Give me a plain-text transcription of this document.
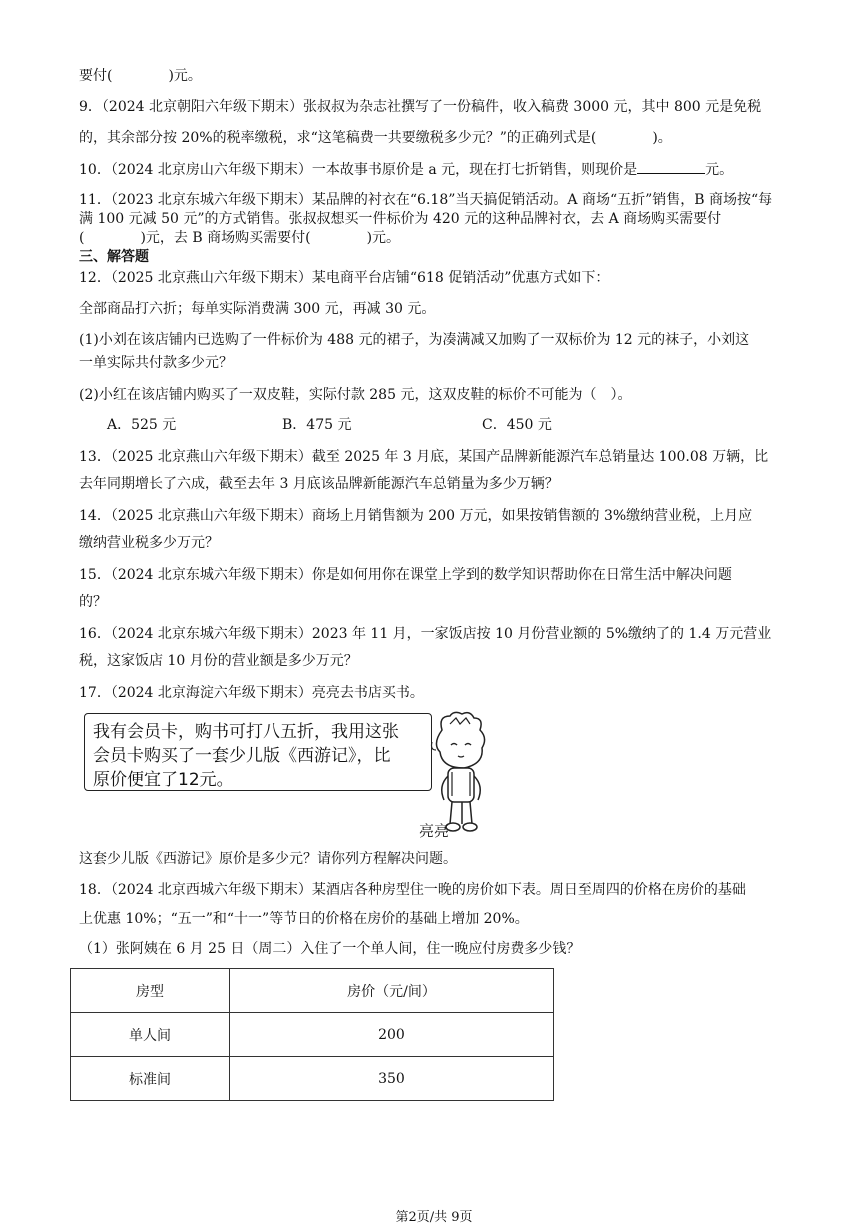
要付(　　　　)元。
9．（2024 北京朝阳六年级下期末）张叔叔为杂志社撰写了一份稿件，收入稿费 3000 元，其中 800 元是免税
的，其余部分按 20%的税率缴税，求“这笔稿费一共要缴税多少元？”的正确列式是(　　　　)。
10．（2024 北京房山六年级下期末）一本故事书原价是 a 元，现在打七折销售，则现价是	元。
11．（2023 北京东城六年级下期末）某品牌的衬衣在“6.18”当天搞促销活动。A 商场“五折”销售，B 商场按“每
满 100 元减 50 元”的方式销售。张叔叔想买一件标价为 420 元的这种品牌衬衣，去 A 商场购买需要付
(　　　　)元，去 B 商场购买需要付(　　　　)元。
三、解答题
12．（2025 北京燕山六年级下期末）某电商平台店铺“618 促销活动”优惠方式如下：
全部商品打六折；每单实际消费满 300 元，再减 30 元。
(1)小刘在该店铺内已选购了一件标价为 488 元的裙子，为凑满减又加购了一双标价为 12 元的袜子，小刘这
一单实际共付款多少元？
(2)小红在该店铺内购买了一双皮鞋，实际付款 285 元，这双皮鞋的标价不可能为（　）。
A．525 元	B．475 元	C．450 元
13．（2025 北京燕山六年级下期末）截至 2025 年 3 月底，某国产品牌新能源汽车总销量达 100.08 万辆，比
去年同期增长了六成，截至去年 3 月底该品牌新能源汽车总销量为多少万辆？
14．（2025 北京燕山六年级下期末）商场上月销售额为 200 万元，如果按销售额的 3%缴纳营业税，上月应
缴纳营业税多少万元？
15．（2024 北京东城六年级下期末）你是如何用你在课堂上学到的数学知识帮助你在日常生活中解决问题
的？
16．（2024 北京东城六年级下期末）2023 年 11 月，一家饭店按 10 月份营业额的 5%缴纳了的 1.4 万元营业
税，这家饭店 10 月份的营业额是多少万元？
17．（2024 北京海淀六年级下期末）亮亮去书店买书。
我有会员卡，购书可打八五折，我用这张
会员卡购买了一套少儿版《西游记》，比
原价便宜了12元。
亮亮
这套少儿版《西游记》原价是多少元？请你列方程解决问题。
18．（2024 北京西城六年级下期末）某酒店各种房型住一晚的房价如下表。周日至周四的价格在房价的基础
上优惠 10%；“五一”和“十一”等节日的价格在房价的基础上增加 20%。
（1）张阿姨在 6 月 25 日（周二）入住了一个单人间，住一晚应付房费多少钱？
房型	房价（元/间）
单人间	200
标准间	350
第2页/共 9页
